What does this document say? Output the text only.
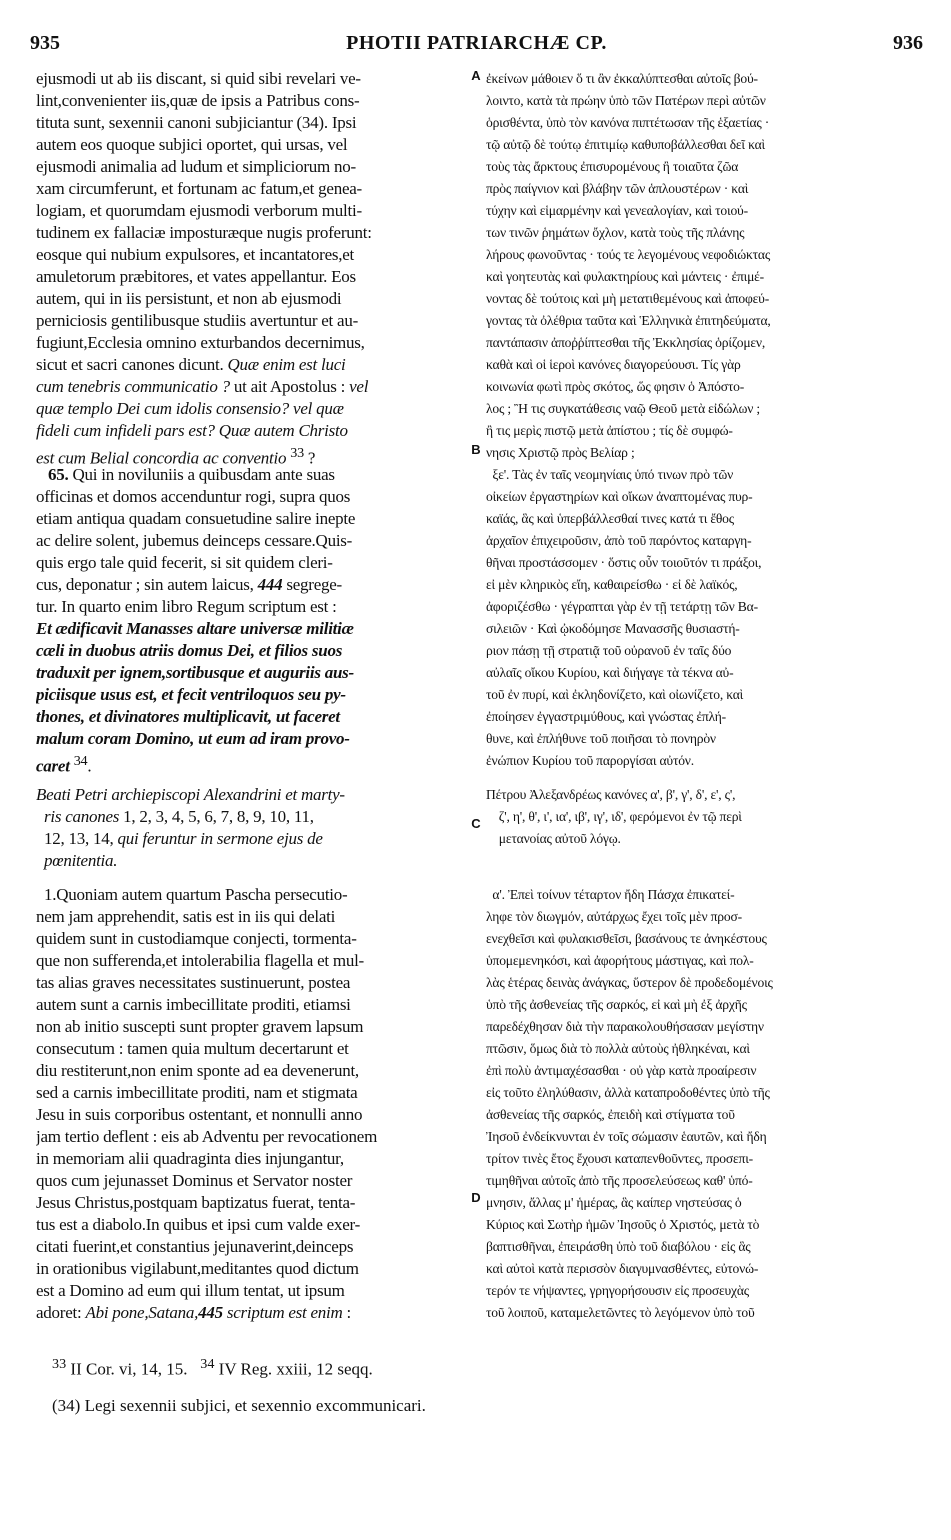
935	PHOTII PATRIARCHÆ CP.	936
ejusmodi ut ab iis discant, si quid sibi revelari ve-
lint,convenienter iis,quæ de ipsis a Patribus cons-
tituta sunt, sexennii canoni subjiciantur (34). Ipsi
autem eos quoque subjici oportet, qui ursas, vel
ejusmodi animalia ad ludum et simpliciorum no-
xam circumferunt, et fortunam ac fatum,et genea-
logiam, et quorumdam ejusmodi verborum multi-
tudinem ex fallaciæ imposturæque nugis proferunt:
eosque qui nubium expulsores, et incantatores,et
amuletorum præbitores, et vates appellantur. Eos
autem, qui in iis persistunt, et non ab ejusmodi
perniciosis gentilibusque studiis avertuntur et au-
fugiunt,Ecclesia omnino exturbandos decernimus,
sicut et sacri canones dicunt. Quæ enim est luci
cum tenebris communicatio ? ut ait Apostolus : vel
quæ templo Dei cum idolis consensio? vel quæ
fideli cum infideli pars est? Quæ autem Christo
est cum Belial concordia ac conventio $^{33}$ ?
65. Qui in noviluniis a quibusdam ante suas
officinas et domos accenduntur rogi, supra quos
etiam antiqua quadam consuetudine salire inepte
ac delire solent, jubemus deinceps cessare.Quis-
quis ergo tale quid fecerit, si sit quidem cleri-
cus, deponatur ; sin autem laicus, 444 segrege-
tur. In quarto enim libro Regum scriptum est :
Et ædificavit Manasses altare universæ militiæ
cæli in duobus atriis domus Dei, et filios suos
traduxit per ignem,sortibusque et auguriis aus-
piciisque usus est, et fecit ventriloquos seu py-
thones, et divinatores multiplicavit, ut faceret
malum coram Domino, ut eum ad iram provo-
caret $^{34}$.
Beati Petri archiepiscopi Alexandrini et marty-
ris canones 1, 2, 3, 4, 5, 6, 7, 8, 9, 10, 11,
12, 13, 14, qui feruntur in sermone ejus de
pœnitentia.
1.Quoniam autem quartum Pascha persecutio-
nem jam apprehendit, satis est in iis qui delati
quidem sunt in custodiamque conjecti, tormenta-
que non sufferenda,et intolerabilia flagella et mul-
tas alias graves necessitates sustinuerunt, postea
autem sunt a carnis imbecillitate proditi, etiamsi
non ab initio suscepti sunt propter gravem lapsum
consecutum : tamen quia multum decertarunt et
diu restiterunt,non enim sponte ad ea devenerunt,
sed a carnis imbecillitate proditi, nam et stigmata
Jesu in suis corporibus ostentant, et nonnulli anno
jam tertio deflent : eis ab Adventu per revocationem
in memoriam alii quadraginta dies injungantur,
quos cum jejunasset Dominus et Servator noster
Jesus Christus,postquam baptizatus fuerat, tenta-
tus est a diabolo.In quibus et ipsi cum valde exer-
citati fuerint,et constantius jejunaverint,deinceps
in orationibus vigilabunt,meditantes quod dictum
est a Domino ad eum qui illum tentat, ut ipsum
adoret: Abi pone,Satana,445 scriptum est enim :
A
B
C
D
ἐκείνων μάθοιεν ὅ τι ἂν ἐκκαλύπτεσθαι αὐτοῖς βού-
λοιντο, κατὰ τὰ πρώην ὑπὸ τῶν Πατέρων περὶ αὐτῶν
ὁρισθέντα, ὑπὸ τὸν κανόνα πιπτέτωσαν τῆς ἑξαετίας ·
τῷ αὐτῷ δὲ τούτῳ ἐπιτιμίῳ καθυποβάλλεσθαι δεῖ καὶ
τοὺς τὰς ἄρκτους ἐπισυρομένους ἢ τοιαῦτα ζῶα
πρὸς παίγνιον καὶ βλάβην τῶν ἁπλουστέρων · καὶ
τύχην καὶ εἱμαρμένην καὶ γενεαλογίαν, καὶ τοιού-
των τινῶν ῥημάτων ὄχλον, κατὰ τοὺς τῆς πλάνης
λήρους φωνοῦντας · τούς τε λεγομένους νεφοδιώκτας
καὶ γοητευτὰς καὶ φυλακτηρίους καὶ μάντεις · ἐπιμέ-
νοντας δὲ τούτοις καὶ μὴ μετατιθεμένους καὶ ἀποφεύ-
γοντας τὰ ὀλέθρια ταῦτα καὶ Ἑλληνικὰ ἐπιτηδεύματα,
παντάπασιν ἀποῤῥίπτεσθαι τῆς Ἐκκλησίας ὁρίζομεν,
καθὰ καὶ οἱ ἱεροὶ κανόνες διαγορεύουσι. Τίς γὰρ
κοινωνία φωτὶ πρὸς σκότος, ὥς φησιν ὁ Ἀπόστο-
λος ; Ἢ τις συγκατάθεσις ναῷ Θεοῦ μετὰ εἰδώλων ;
ἢ τις μερὶς πιστῷ μετὰ ἀπίστου ; τίς δὲ συμφώ-
νησις Χριστῷ πρὸς Βελίαρ ;
ξε'. Τὰς ἐν ταῖς νεομηνίαις ὑπό τινων πρὸ τῶν
οἰκείων ἐργαστηρίων καὶ οἴκων ἀναπτομένας πυρ-
καϊάς, ἃς καὶ ὑπερβάλλεσθαί τινες κατά τι ἔθος
ἀρχαῖον ἐπιχειροῦσιν, ἀπὸ τοῦ παρόντος καταργη-
θῆναι προστάσσομεν · ὅστις οὖν τοιοῦτόν τι πράξοι,
εἰ μὲν κληρικὸς εἴη, καθαιρείσθω · εἰ δὲ λαϊκός,
ἀφοριζέσθω · γέγραπται γὰρ ἐν τῇ τετάρτῃ τῶν Βα-
σιλειῶν · Καὶ ᾠκοδόμησε Μανασσῆς θυσιαστή-
ριον πάσῃ τῇ στρατιᾷ τοῦ οὐρανοῦ ἐν ταῖς δύο
αὐλαῖς οἴκου Κυρίου, καὶ διήγαγε τὰ τέκνα αὐ-
τοῦ ἐν πυρί, καὶ ἐκληδονίζετο, καὶ οἰωνίζετο, καὶ
ἐποίησεν ἐγγαστριμύθους, καὶ γνώστας ἐπλή-
θυνε, καὶ ἐπλήθυνε τοῦ ποιῆσαι τὸ πονηρὸν
ἐνώπιον Κυρίου τοῦ παροργίσαι αὐτόν.
Πέτρου Ἀλεξανδρέως κανόνες α', β', γ', δ', ε', ς',
ζ', η', θ', ι', ια', ιβ', ιγ', ιδ', φερόμενοι ἐν τῷ περὶ
μετανοίας αὐτοῦ λόγῳ.
α'. Ἐπεὶ τοίνυν τέταρτον ἤδη Πάσχα ἐπικατεί-
ληφε τὸν διωγμόν, αὐτάρχως ἔχει τοῖς μὲν προσ-
ενεχθεῖσι καὶ φυλακισθεῖσι, βασάνους τε ἀνηκέστους
ὑπομεμενηκόσι, καὶ ἀφορήτους μάστιγας, καὶ πολ-
λὰς ἑτέρας δεινὰς ἀνάγκας, ὕστερον δὲ προδεδομένοις
ὑπὸ τῆς ἀσθενείας τῆς σαρκός, εἰ καὶ μὴ ἐξ ἀρχῆς
παρεδέχθησαν διὰ τὴν παρακολουθήσασαν μεγίστην
πτῶσιν, ὅμως διὰ τὸ πολλὰ αὐτοὺς ἠθληκέναι, καὶ
ἐπὶ πολὺ ἀντιμαχέσασθαι · οὐ γὰρ κατὰ προαίρεσιν
εἰς τοῦτο ἐληλύθασιν, ἀλλὰ καταπροδοθέντες ὑπὸ τῆς
ἀσθενείας τῆς σαρκός, ἐπειδὴ καὶ στίγματα τοῦ
Ἰησοῦ ἐνδείκνυνται ἐν τοῖς σώμασιν ἑαυτῶν, καὶ ἤδη
τρίτον τινὲς ἔτος ἔχουσι καταπενθοῦντες, προσεπι-
τιμηθῆναι αὐτοῖς ἀπὸ τῆς προσελεύσεως καθ' ὑπό-
μνησιν, ἄλλας μ' ἡμέρας, ἃς καίπερ νηστεύσας ὁ
Κύριος καὶ Σωτὴρ ἡμῶν Ἰησοῦς ὁ Χριστός, μετὰ τὸ
βαπτισθῆναι, ἐπειράσθη ὑπὸ τοῦ διαβόλου · εἰς ἃς
καὶ αὐτοὶ κατὰ περισσὸν διαγυμνασθέντες, εὐτονώ-
τερόν τε νήψαντες, γρηγορήσουσιν εἰς προσευχὰς
τοῦ λοιποῦ, καταμελετῶντες τὸ λεγόμενον ὑπὸ τοῦ
$^{33}$ II Cor. vi, 14, 15. $^{34}$ IV Reg. xxiii, 12 seqq.
(34) Legi sexennii subjici, et sexennio excommunicari.
